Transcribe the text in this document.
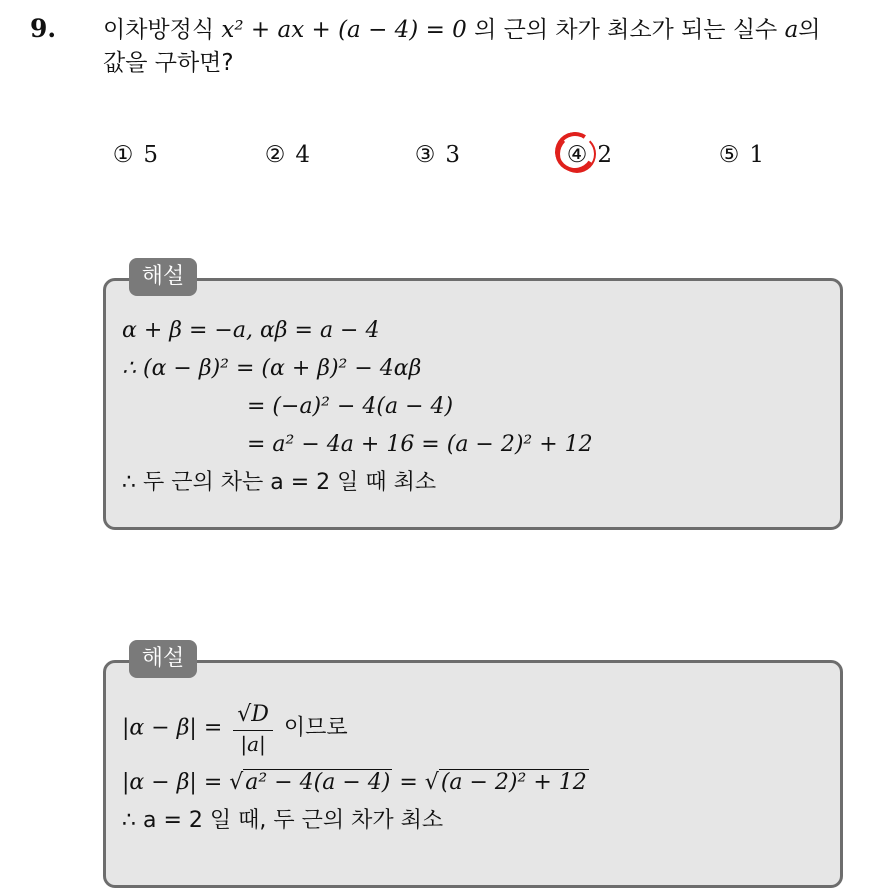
9. 이차방정식 x² + ax + (a − 4) = 0 의 근의 차가 최소가 되는 실수 a의
값을 구하면?
① 5	② 4	③ 3	④ 2	⑤ 1
해설
α + β = −a, αβ = a − 4
∴ (α − β)² = (α + β)² − 4αβ
= (−a)² − 4(a − 4)
= a² − 4a + 16 = (a − 2)² + 12
∴ 두 근의 차는 a = 2 일 때 최소
해설
$|\alpha - \beta| = \frac{√D}{|a|}$ 이므로
|α − β| = √a² − 4(a − 4) = √(a − 2)² + 12
∴ a = 2 일 때, 두 근의 차가 최소
